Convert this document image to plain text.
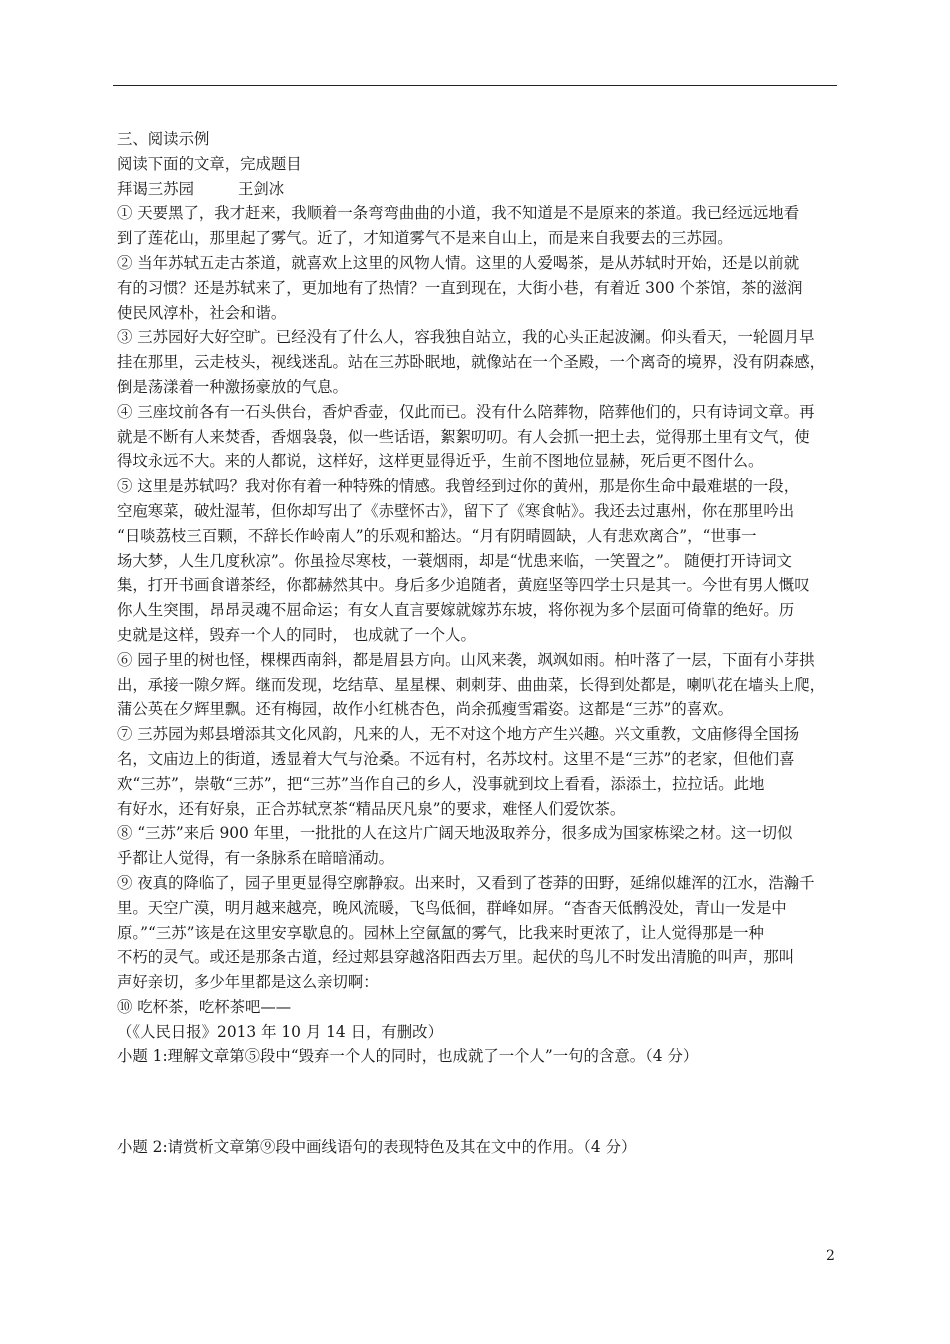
三、阅读示例
阅读下面的文章，完成题目
拜谒三苏园	王剑冰
① 天要黑了，我才赶来，我顺着一条弯弯曲曲的小道，我不知道是不是原来的茶道。我已经远远地看
到了莲花山，那里起了雾气。近了，才知道雾气不是来自山上，而是来自我要去的三苏园。
② 当年苏轼五走古茶道，就喜欢上这里的风物人情。这里的人爱喝茶，是从苏轼时开始，还是以前就
有的习惯？还是苏轼来了，更加地有了热情？一直到现在，大街小巷，有着近 300 个茶馆，茶的滋润
使民风淳朴，社会和谐。
③ 三苏园好大好空旷。已经没有了什么人，容我独自站立，我的心头正起波澜。仰头看天，一轮圆月早
挂在那里，云走枝头，视线迷乱。站在三苏卧眠地，就像站在一个圣殿，一个离奇的境界，没有阴森感，
倒是荡漾着一种激扬豪放的气息。
④ 三座坟前各有一石头供台，香炉香壶，仅此而已。没有什么陪葬物，陪葬他们的，只有诗词文章。再
就是不断有人来焚香，香烟袅袅，似一些话语，絮絮叨叨。有人会抓一把土去，觉得那土里有文气，使
得坟永远不大。来的人都说，这样好，这样更显得近乎，生前不图地位显赫，死后更不图什么。
⑤ 这里是苏轼吗？我对你有着一种特殊的情感。我曾经到过你的黄州，那是你生命中最难堪的一段，
空庖寒菜，破灶湿苇，但你却写出了《赤壁怀古》，留下了《寒食帖》。我还去过惠州，你在那里吟出
“日啖荔枝三百颗，不辞长作岭南人”的乐观和豁达。“月有阴晴圆缺，人有悲欢离合”，“世事一
场大梦，人生几度秋凉”。你虽捡尽寒枝，一蓑烟雨，却是“忧患来临，一笑置之”。 随便打开诗词文
集，打开书画食谱茶经，你都赫然其中。身后多少追随者，黄庭坚等四学士只是其一。今世有男人慨叹
你人生突围，昂昂灵魂不屈命运；有女人直言要嫁就嫁苏东坡，将你视为多个层面可倚靠的绝好。历
史就是这样，毁弃一个人的同时， 也成就了一个人。
⑥ 园子里的树也怪，棵棵西南斜，都是眉县方向。山风来袭，飒飒如雨。柏叶落了一层，下面有小芽拱
出，承接一隙夕辉。继而发现，圪结草、星星棵、刺刺芽、曲曲菜，长得到处都是，喇叭花在墙头上爬，
蒲公英在夕辉里飘。还有梅园，故作小红桃杏色，尚余孤瘦雪霜姿。这都是“三苏”的喜欢。
⑦ 三苏园为郏县增添其文化风韵，凡来的人，无不对这个地方产生兴趣。兴文重教，文庙修得全国扬
名，文庙边上的街道，透显着大气与沧桑。不远有村，名苏坟村。这里不是“三苏”的老家，但他们喜
欢“三苏”，崇敬“三苏”，把“三苏”当作自己的乡人，没事就到坟上看看，添添土，拉拉话。此地
有好水，还有好泉，正合苏轼烹茶“精品厌凡泉”的要求，难怪人们爱饮茶。
⑧ “三苏”来后 900 年里，一批批的人在这片广阔天地汲取养分，很多成为国家栋梁之材。这一切似
乎都让人觉得，有一条脉系在暗暗涌动。
⑨ 夜真的降临了，园子里更显得空廓静寂。出来时，又看到了苍莽的田野，延绵似雄浑的江水，浩瀚千
里。天空广漠，明月越来越亮，晚风流暖，飞鸟低徊，群峰如屏。“杳杳天低鹘没处，青山一发是中
原。”“三苏”该是在这里安享歇息的。园林上空氤氲的雾气，比我来时更浓了，让人觉得那是一种
不朽的灵气。或还是那条古道，经过郏县穿越洛阳西去万里。起伏的鸟儿不时发出清脆的叫声，那叫
声好亲切，多少年里都是这么亲切啊：
⑩ 吃杯茶，吃杯茶吧——
（《人民日报》2013 年 10 月 14 日，有删改）
小题 1:理解文章第⑤段中“毁弃一个人的同时，也成就了一个人”一句的含意。（4 分）
小题 2:请赏析文章第⑨段中画线语句的表现特色及其在文中的作用。（4 分）
2
